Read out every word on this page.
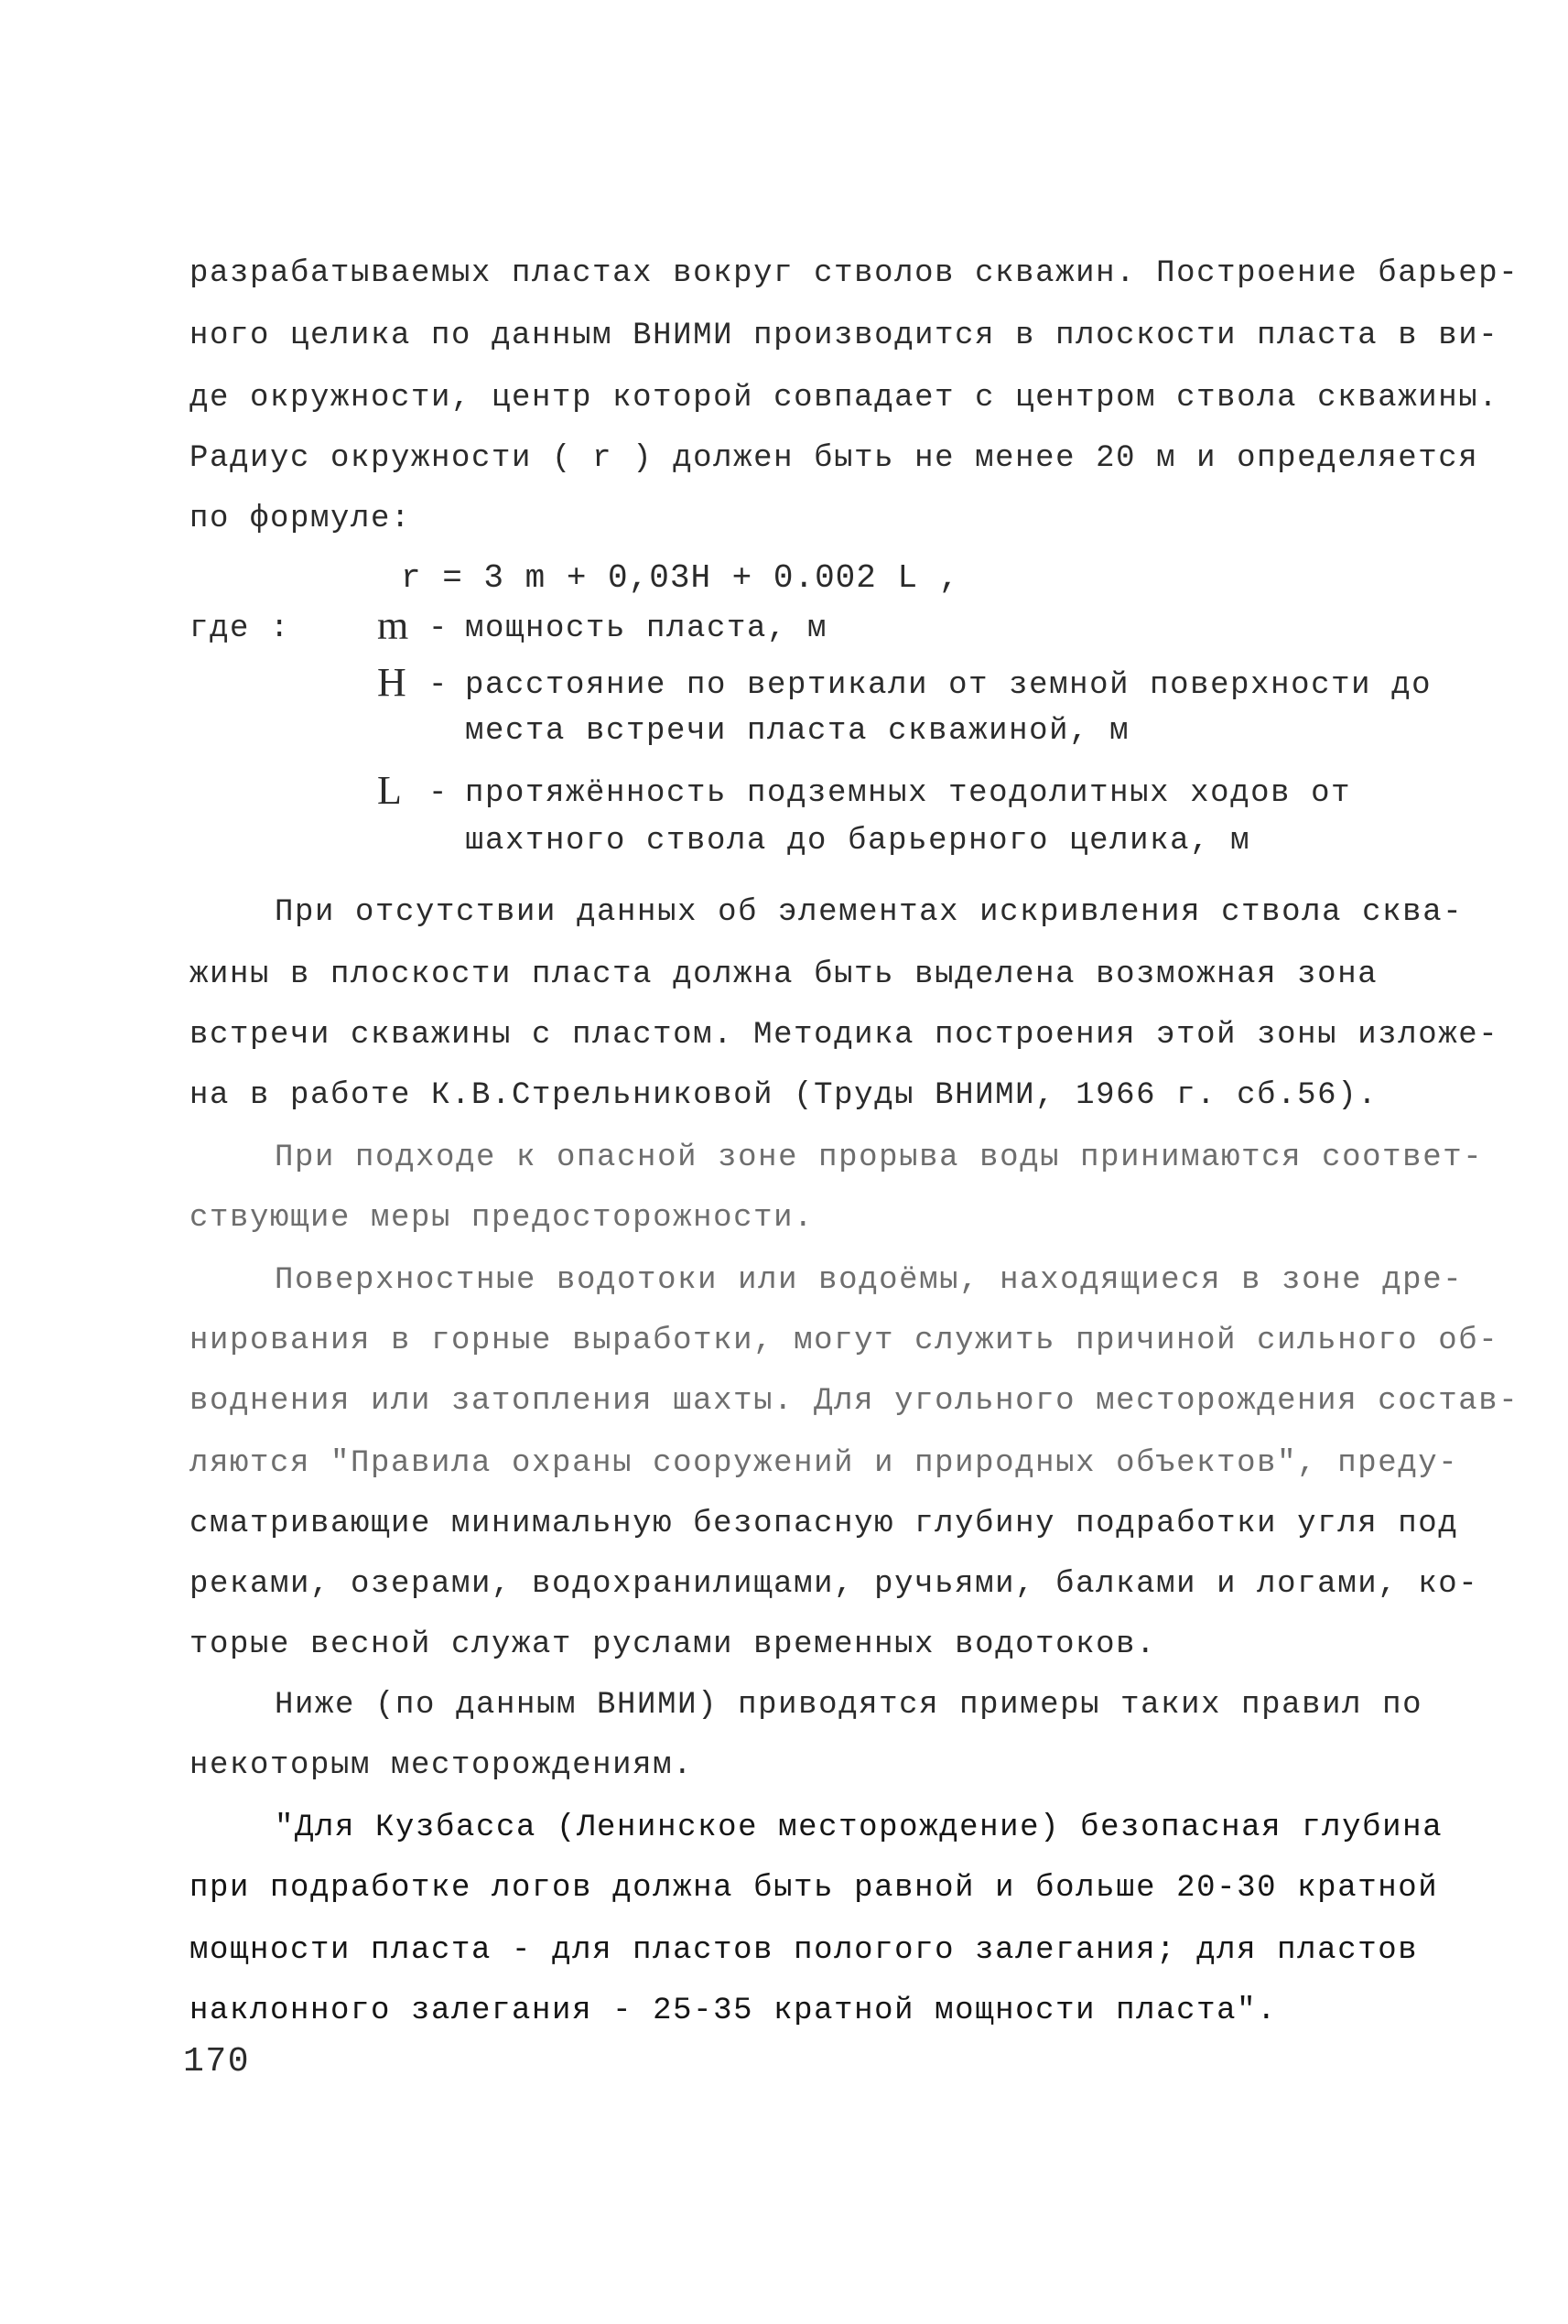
разрабатываемых пластах вокруг стволов скважин. Построение барьер-
ного целика по данным ВНИМИ производится в плоскости пласта в ви-
де окружности, центр которой совпадает с центром ствола скважины.
Радиус окружности ( r ) должен быть не менее 20 м и определяется
по формуле:
r = 3 m + 0,03H + 0.002 L ,
где : m - мощность пласта, м
H - расстояние по вертикали от земной поверхности до
места встречи пласта скважиной, м
L - протяжённость подземных теодолитных ходов от
шахтного ствола до барьерного целика, м
При отсутствии данных об элементах искривления ствола сква-
жины в плоскости пласта должна быть выделена возможная зона
встречи скважины с пластом. Методика построения этой зоны изложе-
на в работе К.В.Стрельниковой (Труды ВНИМИ, 1966 г. сб.56).
При подходе к опасной зоне прорыва воды принимаются соответ-
ствующие меры предосторожности.
Поверхностные водотоки или водоёмы, находящиеся в зоне дре-
нирования в горные выработки, могут служить причиной сильного об-
воднения или затопления шахты. Для угольного месторождения состав-
ляются "Правила охраны сооружений и природных объектов", преду-
сматривающие минимальную безопасную глубину подработки угля под
реками, озерами, водохранилищами, ручьями, балками и логами, ко-
торые весной служат руслами временных водотоков.
Ниже (по данным ВНИМИ) приводятся примеры таких правил по
некоторым месторождениям.
"Для Кузбасса (Ленинское месторождение) безопасная глубина
при подработке логов должна быть равной и больше 20-30 кратной
мощности пласта - для пластов пологого залегания; для пластов
наклонного залегания - 25-35 кратной мощности пласта".
170
